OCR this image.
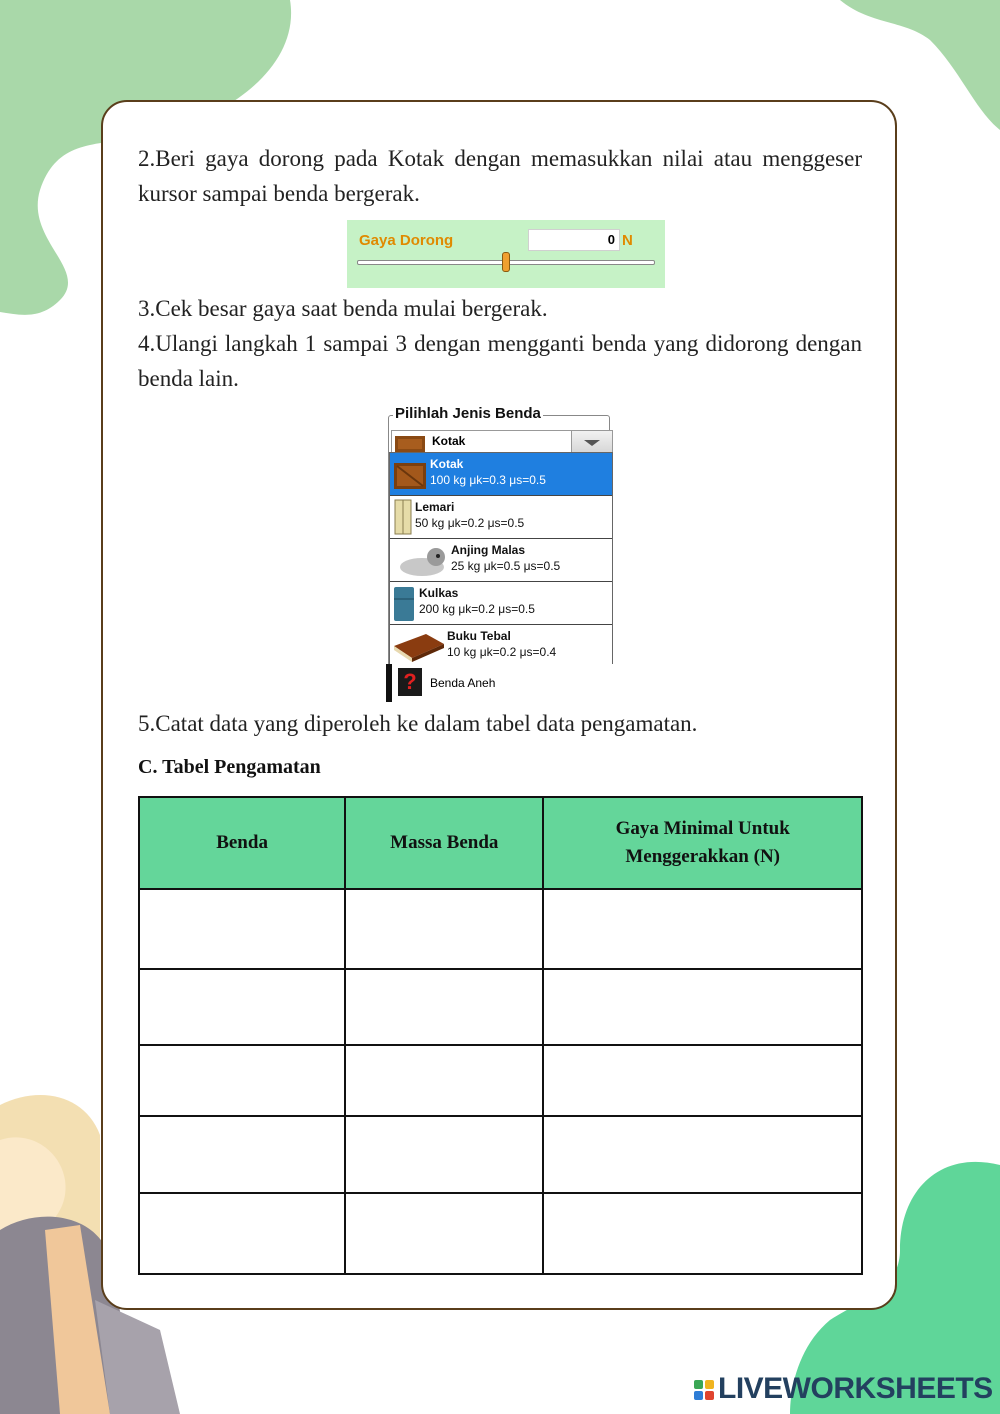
2.Beri gaya dorong pada Kotak dengan memasukkan nilai atau menggeser kursor sampai benda bergerak.

Gaya Dorong	0 N

3.Cek besar gaya saat benda mulai bergerak.

4.Ulangi langkah 1 sampai 3 dengan mengganti benda yang didorong dengan benda lain.

Pilihlah Jenis Benda
Kotak
Kotak
100 kg μk=0.3 μs=0.5
Lemari
50 kg μk=0.2 μs=0.5
Anjing Malas
25 kg μk=0.5 μs=0.5
Kulkas
200 kg μk=0.2 μs=0.5
Buku Tebal
10 kg μk=0.2 μs=0.4
?	Benda Aneh

5.Catat data yang diperoleh ke dalam tabel data pengamatan.

C. Tabel Pengamatan
Benda	Massa Benda	Gaya Minimal Untuk Menggerakkan (N)

LIVEWORKSHEETS
